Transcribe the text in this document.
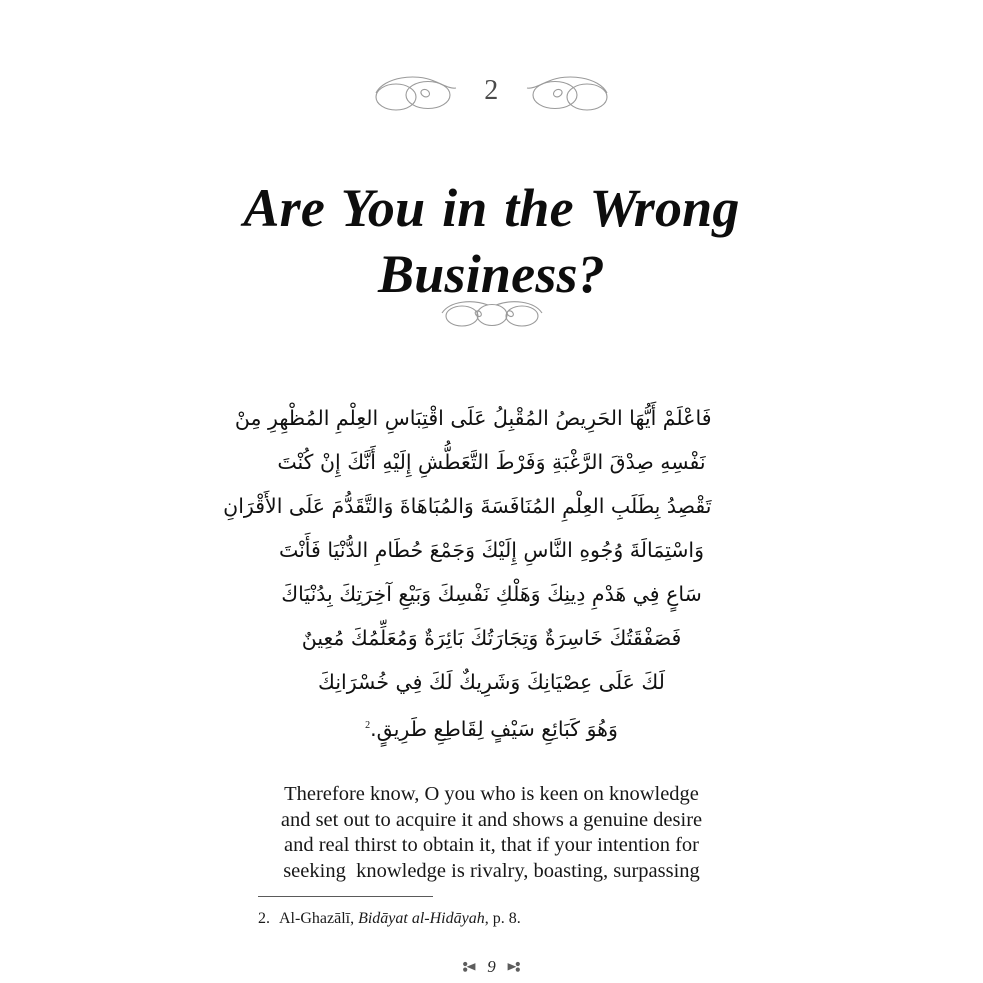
2
Are You in the Wrong Business?
فَاعْلَمْ أَيُّهَا الحَرِيصُ المُقْبِلُ عَلَى اقْتِبَاسِ العِلْمِ المُظْهِرِ مِنْ
نَفْسِهِ صِدْقَ الرَّغْبَةِ وَفَرْطَ التَّعَطُّشِ إِلَيْهِ أَنَّكَ إِنْ كُنْتَ
تَقْصِدُ بِطَلَبِ العِلْمِ المُنَافَسَةَ وَالمُبَاهَاةَ وَالتَّقَدُّمَ عَلَى الأَقْرَانِ
وَاسْتِمَالَةَ وُجُوهِ النَّاسِ إِلَيْكَ وَجَمْعَ حُطَامِ الدُّنْيَا فَأَنْتَ
سَاعٍ فِي هَدْمِ دِينِكَ وَهَلْكِ نَفْسِكَ وَبَيْعِ آخِرَتِكَ بِدُنْيَاكَ
فَصَفْقَتُكَ خَاسِرَةٌ وَتِجَارَتُكَ بَائِرَةٌ وَمُعَلِّمُكَ مُعِينٌ
لَكَ عَلَى عِصْيَانِكَ وَشَرِيكٌ لَكَ فِي خُسْرَانِكَ
وَهُوَ كَبَائِعِ سَيْفٍ لِقَاطِعِ طَرِيقٍ.$^2$
Therefore know, O you who is keen on knowledge
and set out to acquire it and shows a genuine desire
and real thirst to obtain it, that if your intention for
seeking  knowledge is rivalry, boasting, surpassing
2. Al-Ghazālī, Bidāyat al-Hidāyah, p. 8.
9
